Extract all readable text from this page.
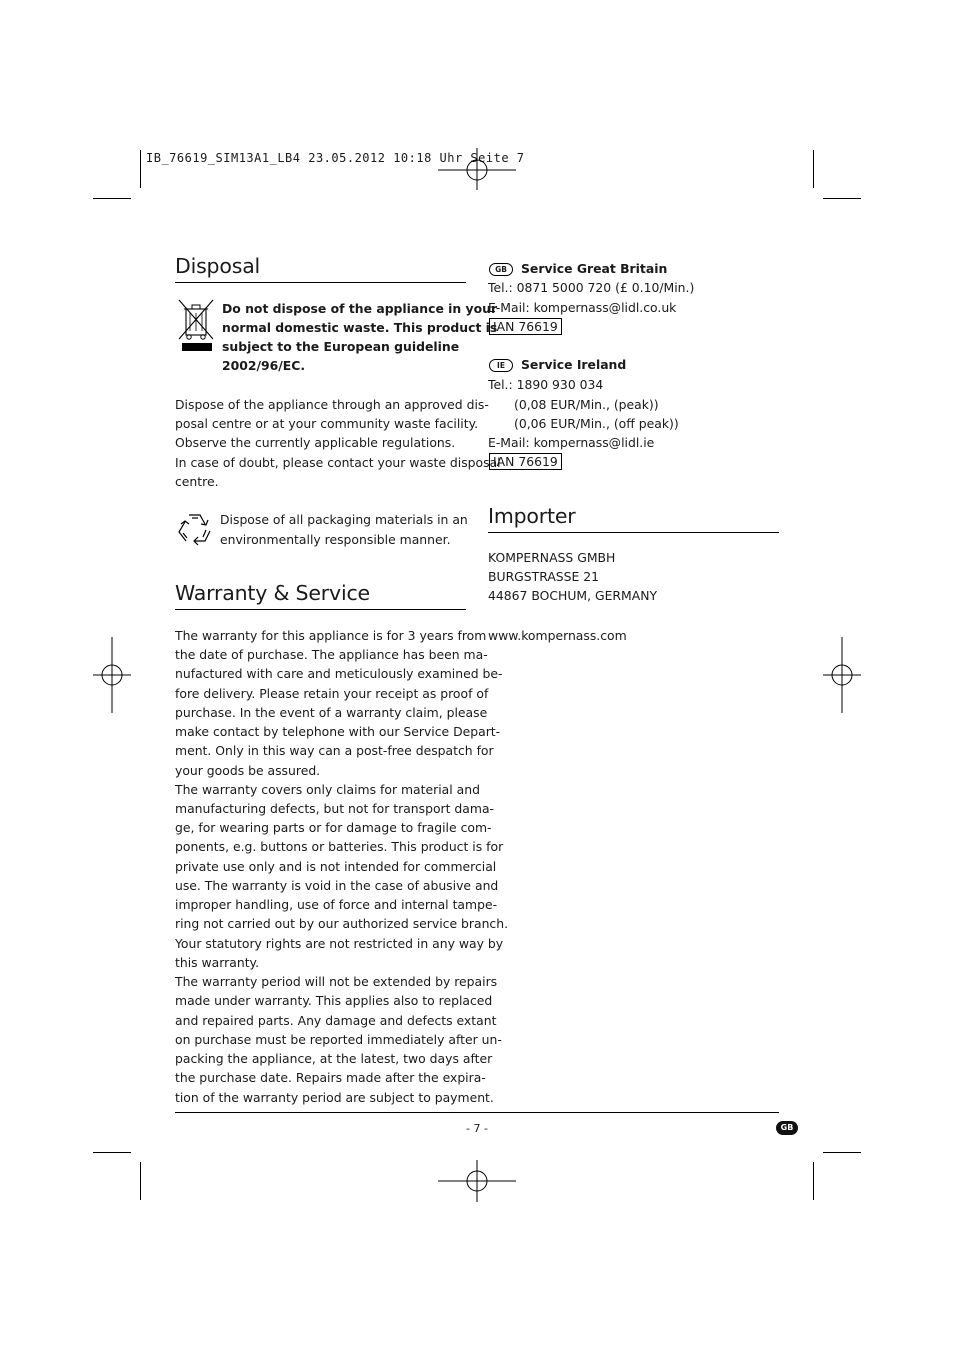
IB_76619_SIM13A1_LB4 23.05.2012 10:18 Uhr Seite 7
Disposal
Do not dispose of the appliance in your
normal domestic waste. This product is
subject to the European guideline
2002/96/EC.
Dispose of the appliance through an approved dis-
posal centre or at your community waste facility.
Observe the currently applicable regulations.
In case of doubt, please contact your waste disposal
centre.
Dispose of all packaging materials in an
environmentally responsible manner.
Warranty & Service
The warranty for this appliance is for 3 years from
the date of purchase. The appliance has been ma-
nufactured with care and meticulously examined be-
fore delivery. Please retain your receipt as proof of
purchase. In the event of a warranty claim, please
make contact by telephone with our Service Depart-
ment. Only in this way can a post-free despatch for
your goods be assured.
The warranty covers only claims for material and
manufacturing defects, but not for transport dama-
ge, for wearing parts or for damage to fragile com-
ponents, e.g. buttons or batteries. This product is for
private use only and is not intended for commercial
use. The warranty is void in the case of abusive and
improper handling, use of force and internal tampe-
ring not carried out by our authorized service branch.
Your statutory rights are not restricted in any way by
this warranty.
The warranty period will not be extended by repairs
made under warranty. This applies also to replaced
and repaired parts. Any damage and defects extant
on purchase must be reported immediately after un-
packing the appliance, at the latest, two days after
the purchase date. Repairs made after the expira-
tion of the warranty period are subject to payment.
GB Service Great Britain
Tel.: 0871 5000 720 (£ 0.10/Min.)
E-Mail: kompernass@lidl.co.uk
IAN 76619
IE Service Ireland
Tel.: 1890 930 034
(0,08 EUR/Min., (peak))
(0,06 EUR/Min., (off peak))
E-Mail: kompernass@lidl.ie
IAN 76619
Importer
KOMPERNASS GMBH
BURGSTRASSE 21
44867 BOCHUM, GERMANY
www.kompernass.com
- 7 -	GB
